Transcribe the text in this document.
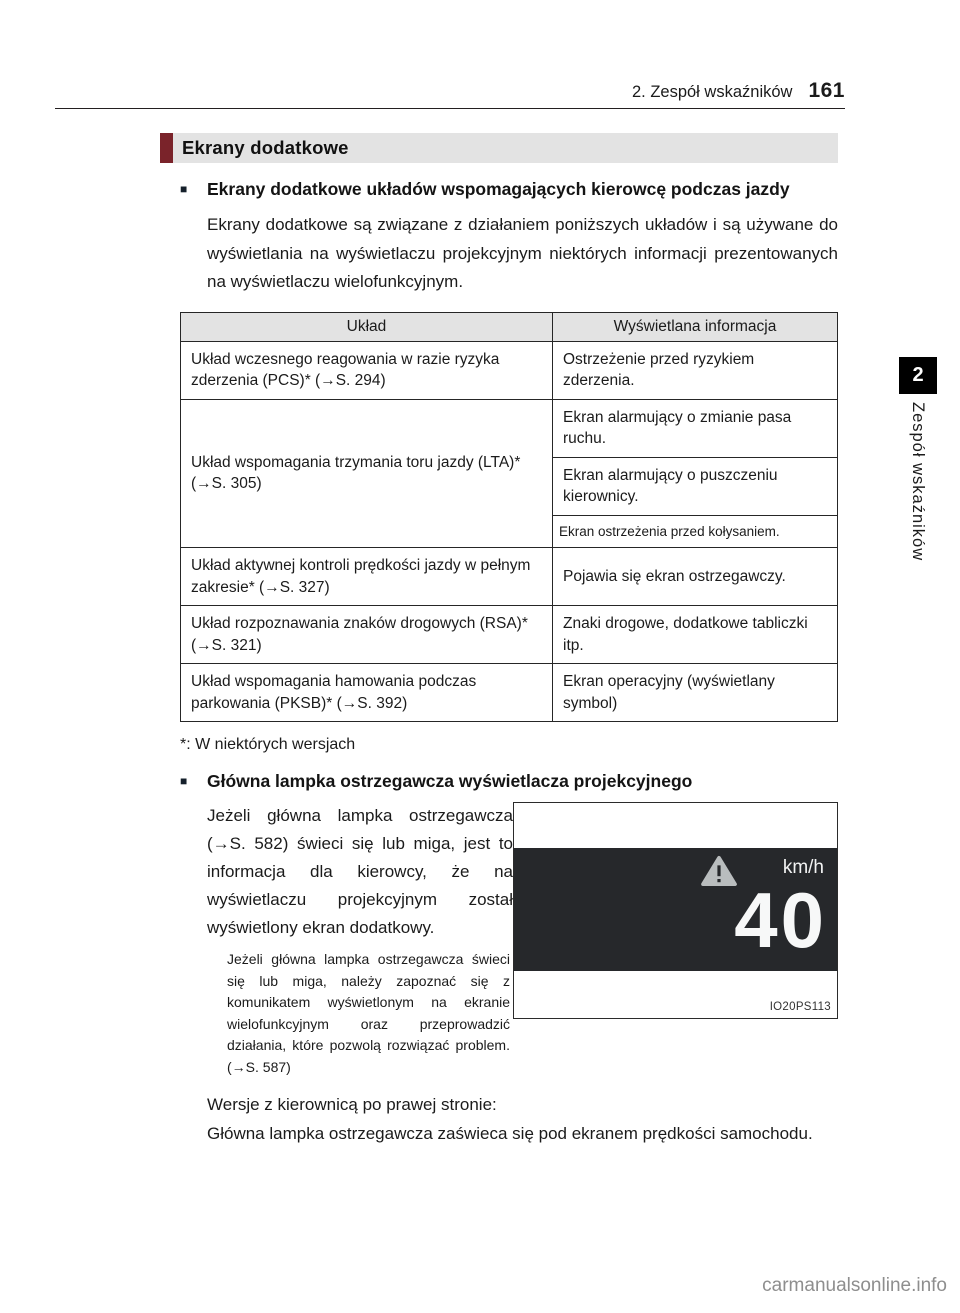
2. Zespół wskaźników 161
Ekrany dodatkowe
■	Ekrany dodatkowe układów wspomagających kierowcę podczas jazdy

Ekrany dodatkowe są związane z działaniem poniższych układów i są używane do wyświetlania na wyświetlaczu projekcyjnym niektórych informacji prezentowanych na wyświetlaczu wielofunkcyjnym.

Układ	Wyświetlana informacja
Układ wczesnego reagowania w razie ryzyka zderzenia (PCS)* (→S. 294)	Ostrzeżenie przed ryzykiem zderzenia.
Układ wspomagania trzymania toru jazdy (LTA)* (→S. 305)	Ekran alarmujący o zmianie pasa ruchu.
	Ekran alarmujący o puszczeniu kierownicy.
	Ekran ostrzeżenia przed kołysaniem.
Układ aktywnej kontroli prędkości jazdy w pełnym zakresie* (→S. 327)	Pojawia się ekran ostrzegawczy.
Układ rozpoznawania znaków drogowych (RSA)* (→S. 321)	Znaki drogowe, dodatkowe tabliczki itp.
Układ wspomagania hamowania podczas parkowania (PKSB)* (→S. 392)	Ekran operacyjny (wyświetlany symbol)

*: W niektórych wersjach

■	Główna lampka ostrzegawcza wyświetlacza projekcyjnego

Jeżeli główna lampka ostrzegawcza (→S. 582) świeci się lub miga, jest to informacja dla kierowcy, że na wyświetlaczu projekcyjnym został wyświetlony ekran dodatkowy.

Jeżeli główna lampka ostrzegawcza świeci się lub miga, należy zapoznać się z komunikatem wyświetlonym na ekranie wielofunkcyjnym oraz przeprowadzić działania, które pozwolą rozwiązać problem. (→S. 587)

km/h
40
IO20PS113

Wersje z kierownicą po prawej stronie:

Główna lampka ostrzegawcza zaświeca się pod ekranem prędkości samochodu.

2
Zespół wskaźników
carmanualsonline.info
